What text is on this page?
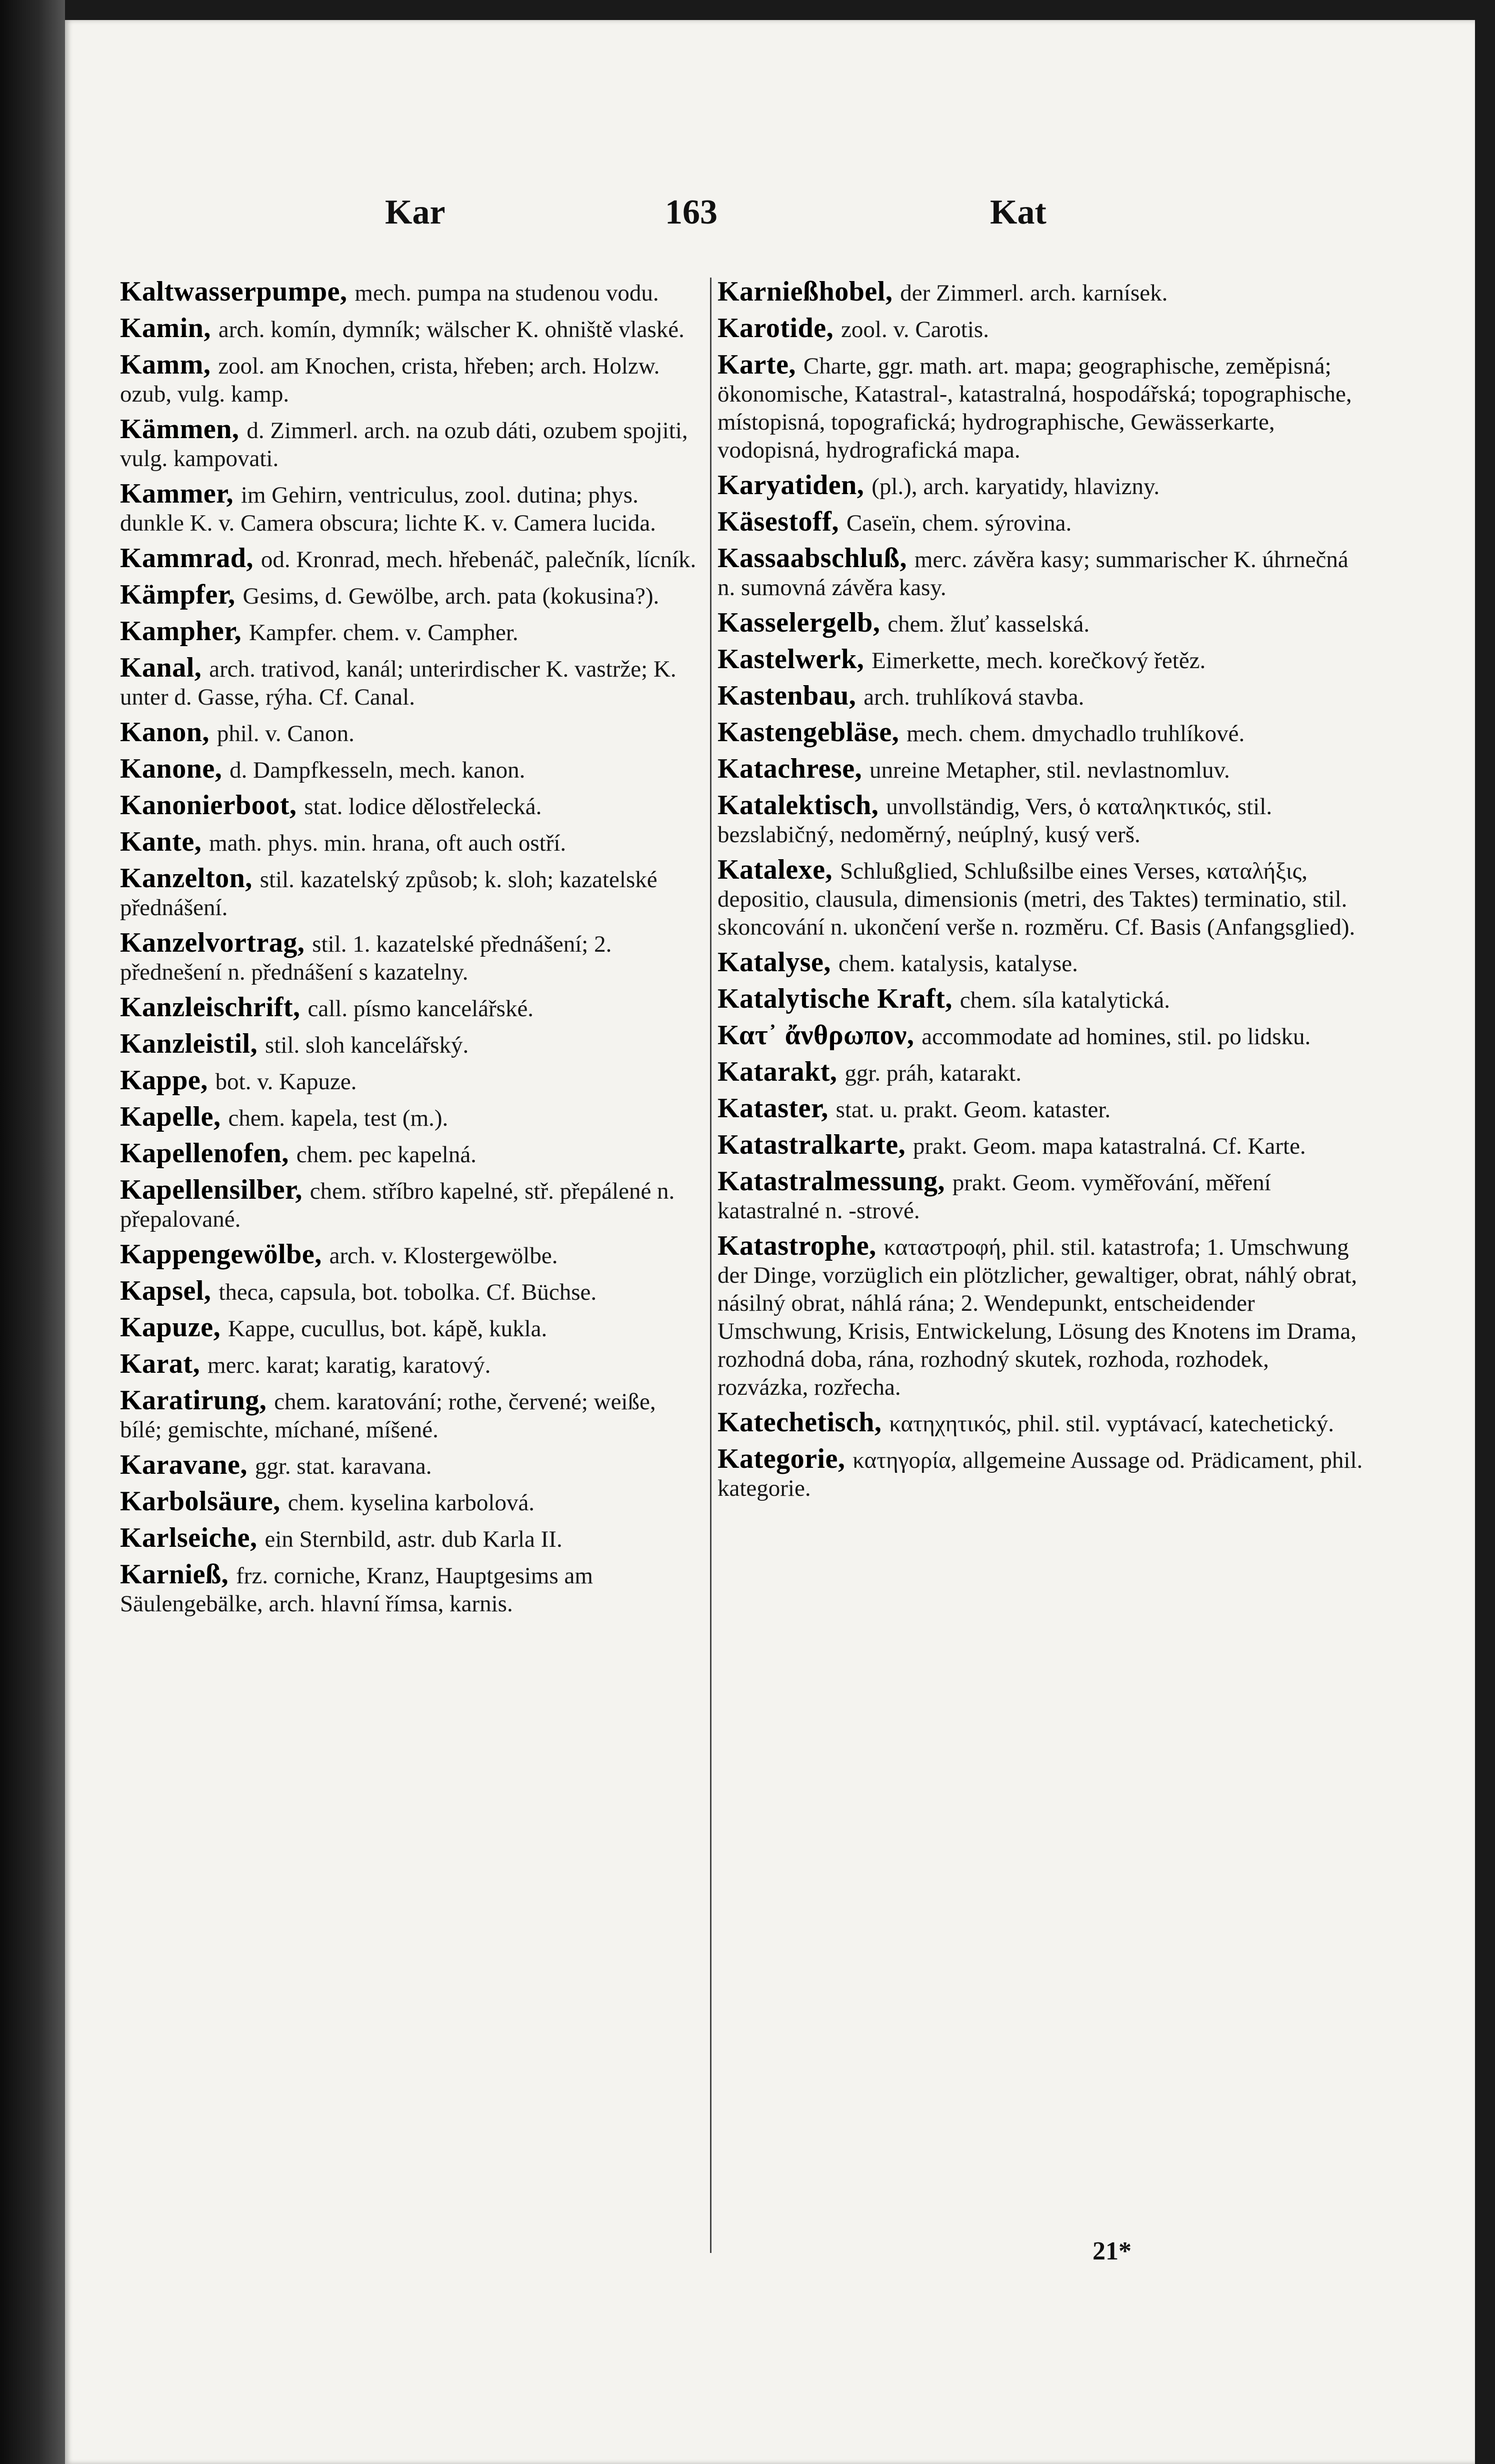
Kar	163	Kat

Kaltwasserpumpe , mech. pumpa na studenou vodu.

Kamin , arch. komín, dymník; wälscher K. ohniště vlaské.

Kamm , zool. am Knochen, crista, hřeben; arch. Holzw. ozub, vulg. kamp.

Kämmen , d. Zimmerl. arch. na ozub dáti, ozubem spojiti, vulg. kampovati.

Kammer , im Gehirn, ventriculus, zool. dutina; phys. dunkle K. v. Camera obscura; lichte K. v. Camera lucida.

Kammrad , od. Kronrad, mech. hřebenáč, palečník, lícník.

Kämpfer , Gesims, d. Gewölbe, arch. pata (kokusina?).

Kampher , Kampfer. chem. v. Campher.

Kanal , arch. trativod, kanál; unterirdischer K. vastrže; K. unter d. Gasse, rýha. Cf. Canal.

Kanon , phil. v. Canon.

Kanone , d. Dampfkesseln, mech. kanon.

Kanonierboot , stat. lodice dělostřelecká.

Kante , math. phys. min. hrana, oft auch ostří.

Kanzelton , stil. kazatelský způsob; k. sloh; kazatelské přednášení.

Kanzelvortrag , stil. 1. kazatelské přednášení; 2. přednešení n. přednášení s kazatelny.

Kanzleischrift , call. písmo kancelářské.

Kanzleistil , stil. sloh kancelářský.

Kappe , bot. v. Kapuze.

Kapelle , chem. kapela, test (m.).

Kapellenofen , chem. pec kapelná.

Kapellensilber , chem. stříbro kapelné, stř. přepálené n. přepalované.

Kappengewölbe , arch. v. Klostergewölbe.

Kapsel , theca, capsula, bot. tobolka. Cf. Büchse.

Kapuze , Kappe, cucullus, bot. kápě, kukla.

Karat , merc. karat; karatig, karatový.

Karatirung , chem. karatování; rothe, červené; weiße, bílé; gemischte, míchané, míšené.

Karavane , ggr. stat. karavana.

Karbolsäure , chem. kyselina karbolová.

Karlseiche , ein Sternbild, astr. dub Karla II.

Karnieß , frz. corniche, Kranz, Hauptgesims am Säulengebälke, arch. hlavní římsa, karnis.

Karnießhobel , der Zimmerl. arch. karnísek.

Karotide , zool. v. Carotis.

Karte , Charte, ggr. math. art. mapa; geographische, zeměpisná; ökonomische, Katastral-, katastralná, hospodářská; topographische, místopisná, topografická; hydrographische, Gewässerkarte, vodopisná, hydrografická mapa.

Karyatiden , (pl.), arch. karyatidy, hlavizny.

Käsestoff , Caseïn, chem. sýrovina.

Kassaabschluß , merc. závěra kasy; summarischer K. úhrnečná n. sumovná závěra kasy.

Kasselergelb , chem. žluť kasselská.

Kastelwerk , Eimerkette, mech. korečkový řetěz.

Kastenbau , arch. truhlíková stavba.

Kastengebläse , mech. chem. dmychadlo truhlíkové.

Katachrese , unreine Metapher, stil. nevlastnomluv.

Katalektisch , unvollständig, Vers, ὁ καταληκτικός, stil. bezslabičný, nedoměrný, neúplný, kusý verš.

Katalexe , Schlußglied, Schlußsilbe eines Verses, καταλήξις, depositio, clausula, dimensionis (metri, des Taktes) terminatio, stil. skoncování n. ukončení verše n. rozměru. Cf. Basis (Anfangsglied).

Katalyse , chem. katalysis, katalyse.

Katalytische Kraft , chem. síla katalytická.

Κατ᾽ ἄνθρωπον , accommodate ad homines, stil. po lidsku.

Katarakt , ggr. práh, katarakt.

Kataster , stat. u. prakt. Geom. kataster.

Katastralkarte , prakt. Geom. mapa katastralná. Cf. Karte.

Katastralmessung , prakt. Geom. vyměřování, měření katastralné n. -strové.

Katastrophe , καταστροφή, phil. stil. katastrofa; 1. Umschwung der Dinge, vorzüglich ein plötzlicher, gewaltiger, obrat, náhlý obrat, násilný obrat, náhlá rána; 2. Wendepunkt, entscheidender Umschwung, Krisis, Entwickelung, Lösung des Knotens im Drama, rozhodná doba, rána, rozhodný skutek, rozhoda, rozhodek, rozvázka, rozřecha.

Katechetisch , κατηχητικός, phil. stil. vyptávací, katechetický.

Kategorie , κατηγορία, allgemeine Aussage od. Prädicament, phil. kategorie.

21*
